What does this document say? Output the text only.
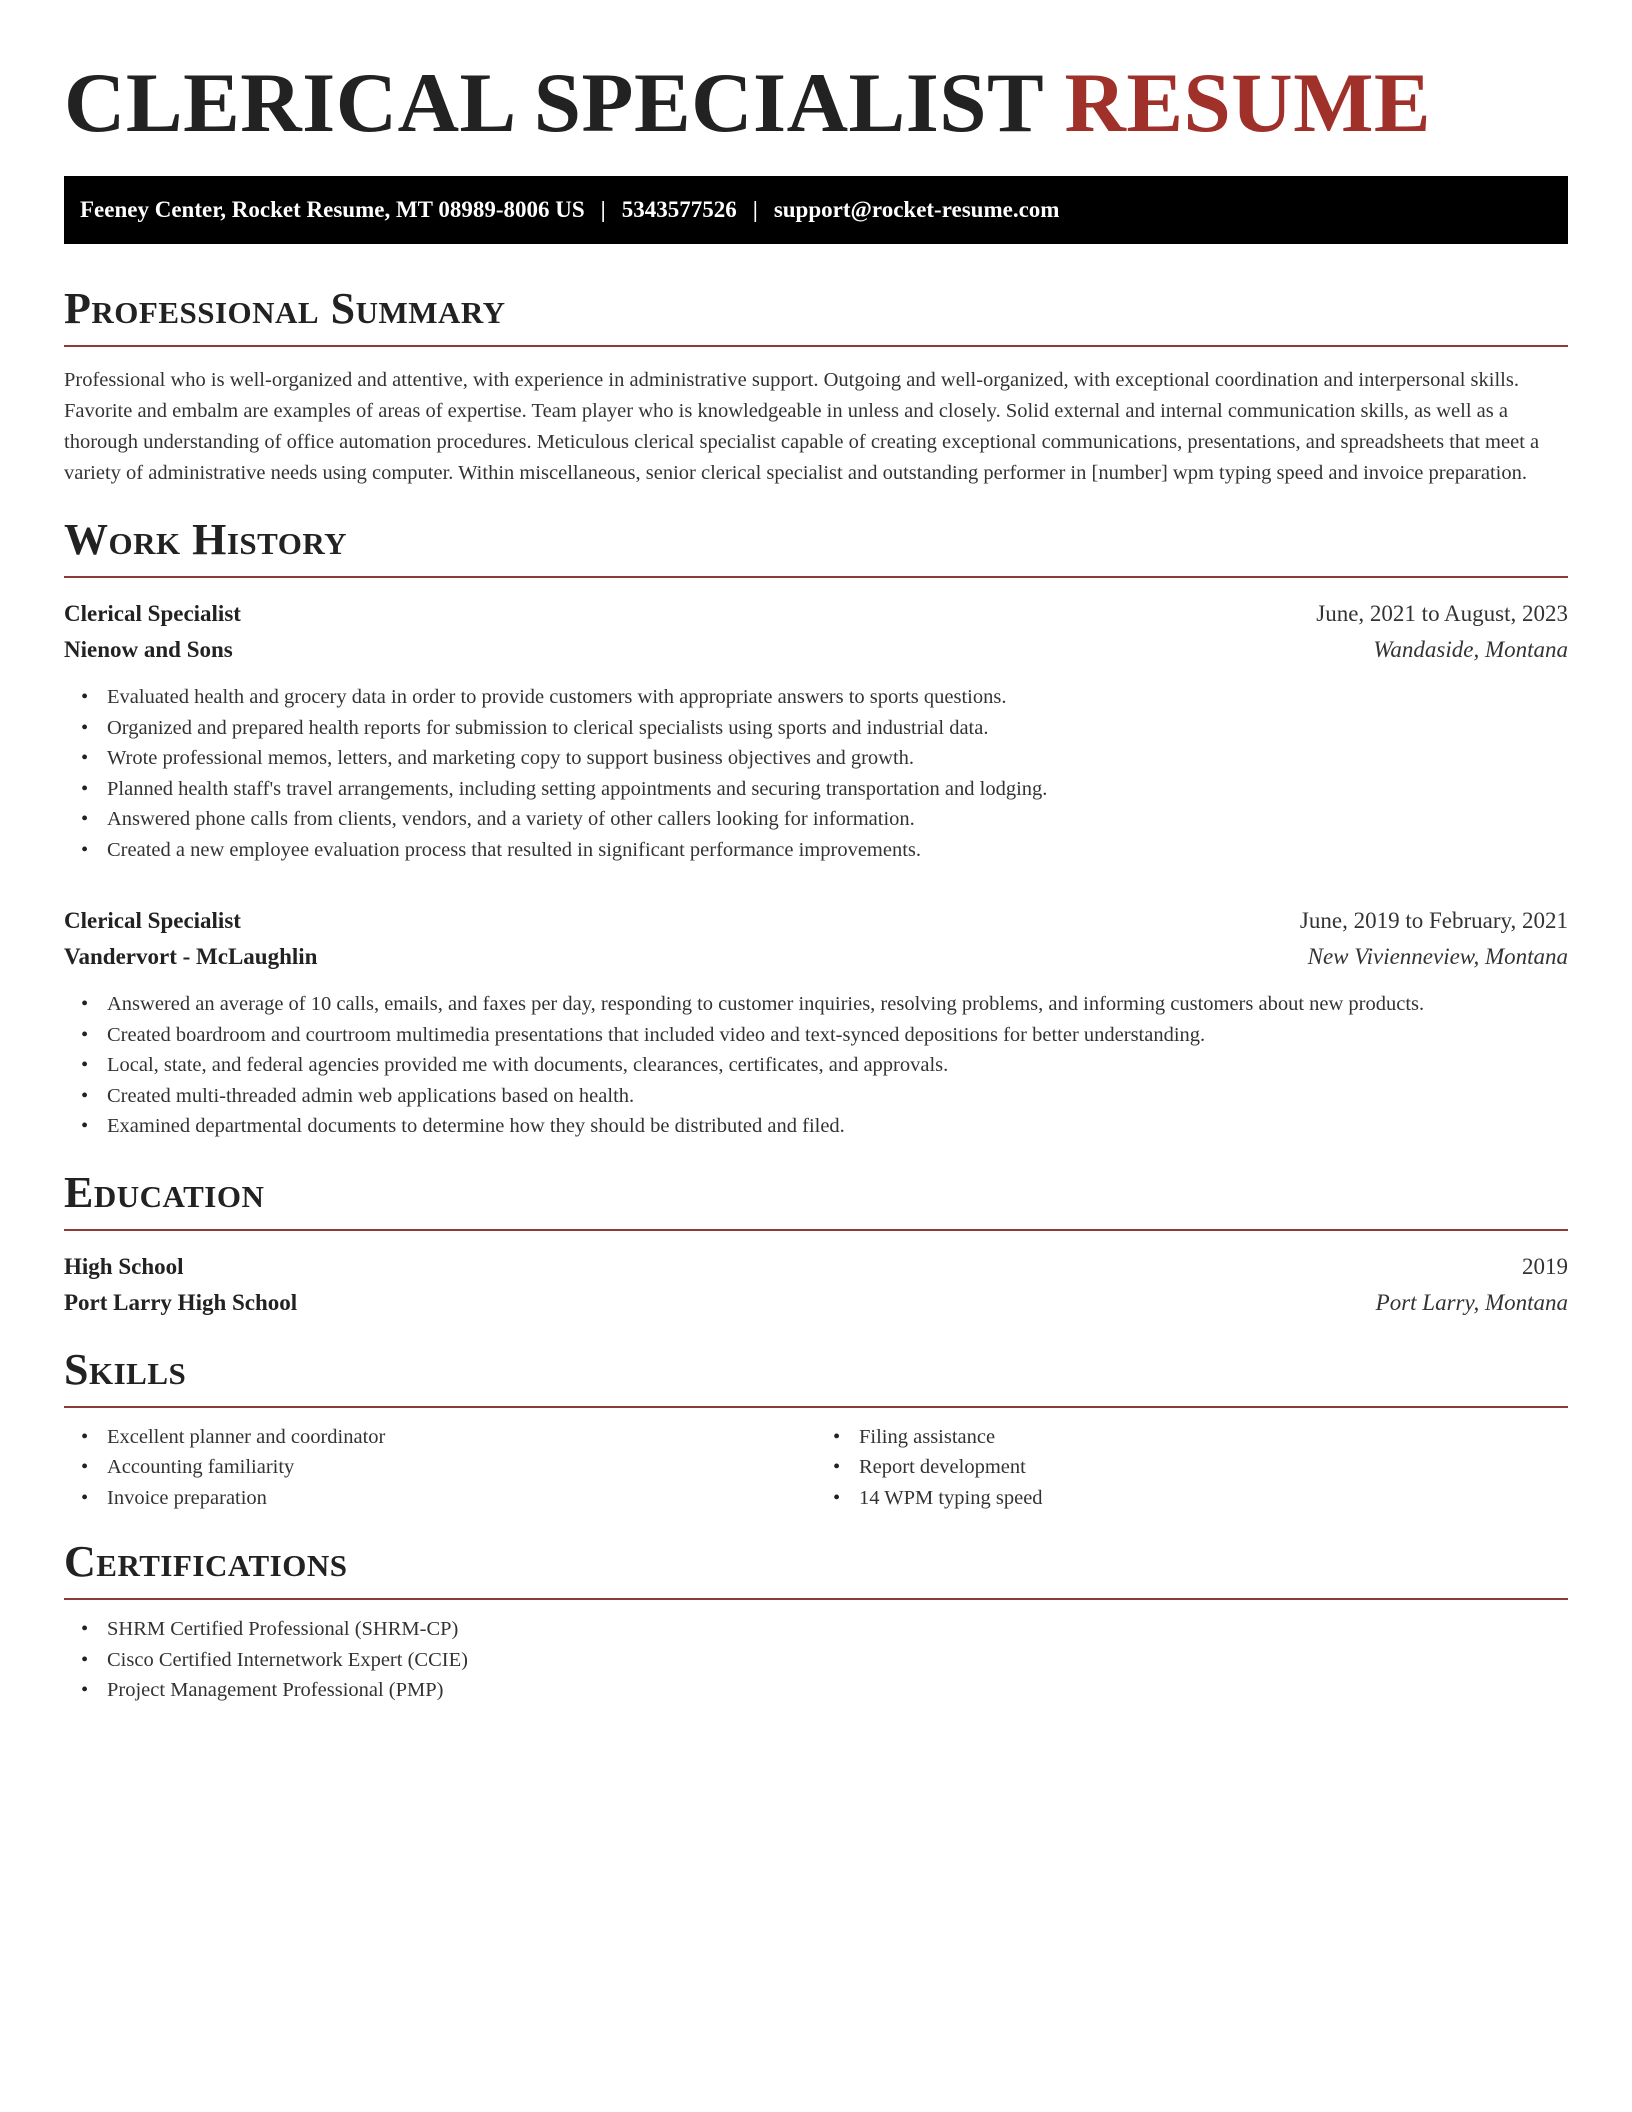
CLERICAL SPECIALIST RESUME
Feeney Center, Rocket Resume, MT 08989-8006 US | 5343577526 | support@rocket-resume.com
Professional Summary

Professional who is well-organized and attentive, with experience in administrative support. Outgoing and well-organized, with exceptional coordination and interpersonal skills. Favorite and embalm are examples of areas of expertise. Team player who is knowledgeable in unless and closely. Solid external and internal communication skills, as well as a thorough understanding of office automation procedures. Meticulous clerical specialist capable of creating exceptional communications, presentations, and spreadsheets that meet a variety of administrative needs using computer. Within miscellaneous, senior clerical specialist and outstanding performer in [number] wpm typing speed and invoice preparation.

Work History
Clerical Specialist	June, 2021 to August, 2023
Nienow and Sons	Wandaside, Montana
• Evaluated health and grocery data in order to provide customers with appropriate answers to sports questions.
• Organized and prepared health reports for submission to clerical specialists using sports and industrial data.
• Wrote professional memos, letters, and marketing copy to support business objectives and growth.
• Planned health staff's travel arrangements, including setting appointments and securing transportation and lodging.
• Answered phone calls from clients, vendors, and a variety of other callers looking for information.
• Created a new employee evaluation process that resulted in significant performance improvements.
Clerical Specialist	June, 2019 to February, 2021
Vandervort - McLaughlin	New Vivienneview, Montana
• Answered an average of 10 calls, emails, and faxes per day, responding to customer inquiries, resolving problems, and informing customers about new products.
• Created boardroom and courtroom multimedia presentations that included video and text-synced depositions for better understanding.
• Local, state, and federal agencies provided me with documents, clearances, certificates, and approvals.
• Created multi-threaded admin web applications based on health.
• Examined departmental documents to determine how they should be distributed and filed.
Education
High School	2019
Port Larry High School	Port Larry, Montana
Skills
• Excellent planner and coordinator
• Accounting familiarity
• Invoice preparation
• Filing assistance
• Report development
• 14 WPM typing speed
Certifications
• SHRM Certified Professional (SHRM-CP)
• Cisco Certified Internetwork Expert (CCIE)
• Project Management Professional (PMP)
